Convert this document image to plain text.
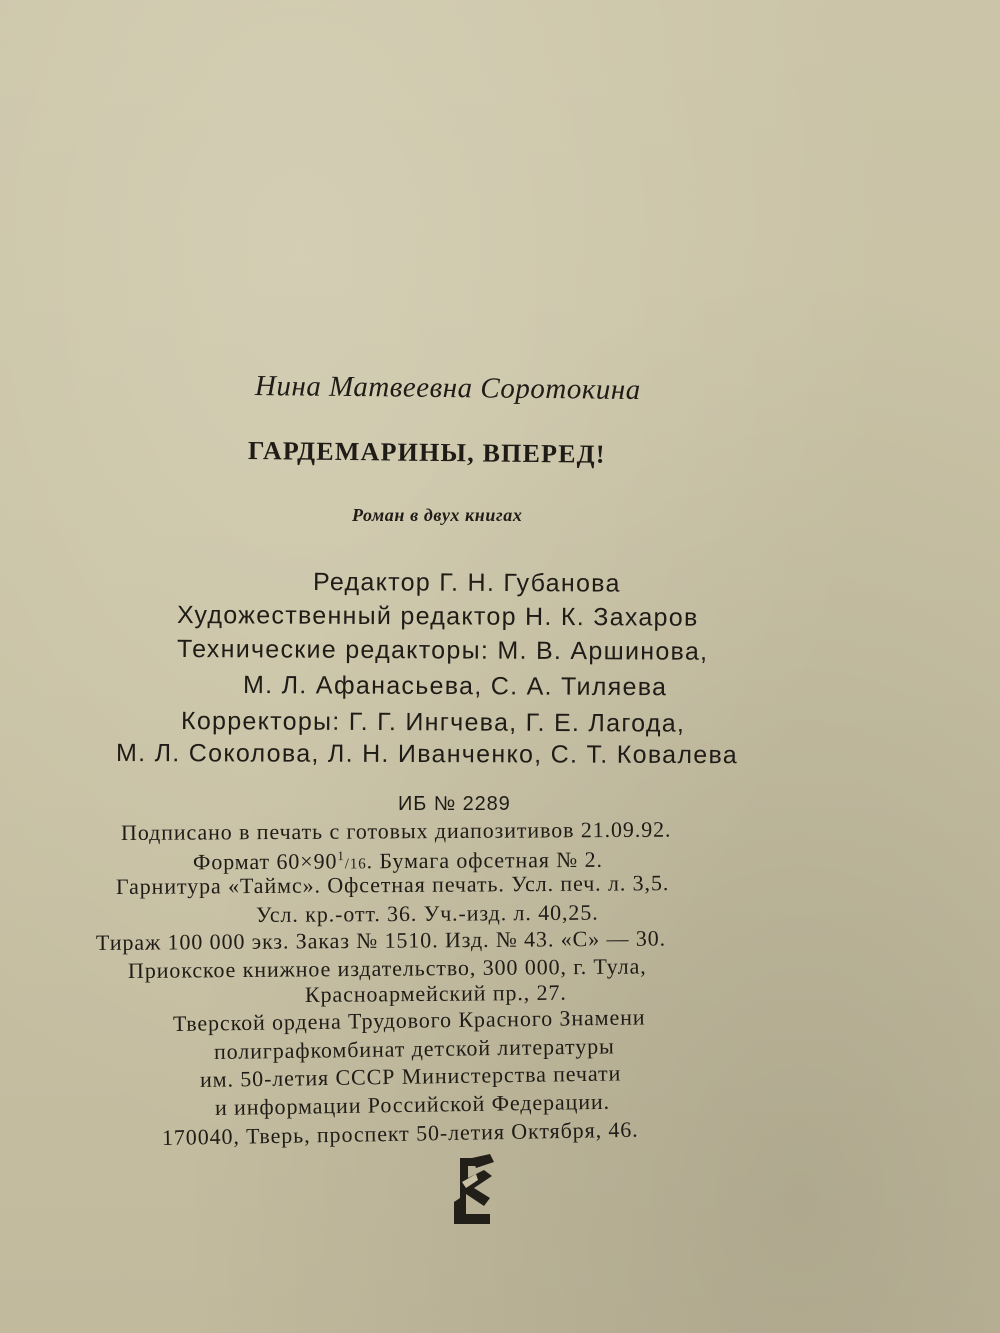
Нина Матвеевна Соротокина
ГАРДЕМАРИНЫ, ВПЕРЕД!
Роман в двух книгах
Редактор Г. Н. Губанова
Художественный редактор Н. К. Захаров
Технические редакторы: М. В. Аршинова,
М. Л. Афанасьева, С. А. Тиляева
Корректоры: Г. Г. Ингчева, Г. Е. Лагода,
М. Л. Соколова, Л. Н. Иванченко, С. Т. Ковалева
ИБ № 2289
Подписано в печать с готовых диапозитивов 21.09.92.
Формат $60\times 90^1/16$. Бумага офсетная № 2.
Гарнитура «Таймс». Офсетная печать. Усл. печ. л. 3,5.
Усл. кр.-отт. 36. Уч.-изд. л. 40,25.
Тираж 100 000 экз. Заказ № 1510. Изд. № 43. «С» — 30.
Приокское книжное издательство, 300 000, г. Тула,
Красноармейский пр., 27.
Тверской ордена Трудового Красного Знамени
полиграфкомбинат детской литературы
им. 50-летия СССР Министерства печати
и информации Российской Федерации.
170040, Тверь, проспект 50-летия Октября, 46.
